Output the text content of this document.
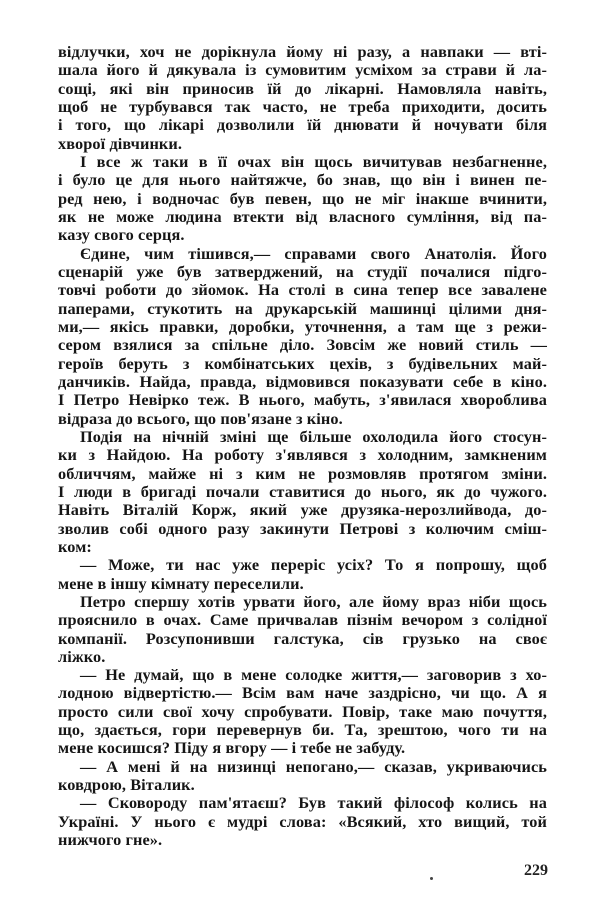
відлучки, хоч не дорікнула йому ні разу, а навпаки — вті-
шала його й дякувала із сумовитим усміхом за страви й ла-
сощі, які він приносив їй до лікарні. Намовляла навіть,
щоб не турбувався так часто, не треба приходити, досить
і того, що лікарі дозволили їй днювати й ночувати біля
хворої дівчинки.
І все ж таки в її очах він щось вичитував незбагненне,
і було це для нього найтяжче, бо знав, що він і винен пе-
ред нею, і водночас був певен, що не міг інакше вчинити,
як не може людина втекти від власного сумління, від па-
казу свого серця.
Єдине, чим тішився,— справами свого Анатолія. Його
сценарій уже був затверджений, на студії почалися підго-
товчі роботи до зйомок. На столі в сина тепер все завалене
паперами, стукотить на друкарській машинці цілими дня-
ми,— якісь правки, доробки, уточнення, а там ще з режи-
сером взялися за спільне діло. Зовсім же новий стиль —
героїв беруть з комбінатських цехів, з будівельних май-
данчиків. Найда, правда, відмовився показувати себе в кіно.
І Петро Невірко теж. В нього, мабуть, з'явилася хвороблива
відраза до всього, що пов'язане з кіно.
Подія на нічній зміні ще більше охолодила його стосун-
ки з Найдою. На роботу з'являвся з холодним, замкненим
обличчям, майже ні з ким не розмовляв протягом зміни.
І люди в бригаді почали ставитися до нього, як до чужого.
Навіть Віталій Корж, який уже друзяка-нерозлийвода, до-
зволив собі одного разу закинути Петрові з колючим сміш-
ком:
— Може, ти нас уже переріс усіх? То я попрошу, щоб
мене в іншу кімнату переселили.
Петро спершу хотів урвати його, але йому враз ніби щось
прояснило в очах. Саме причвалав пізнім вечором з солідної
компанії. Розсупонивши галстука, сів грузько на своє
ліжко.
— Не думай, що в мене солодке життя,— заговорив з хо-
лодною відвертістю.— Всім вам наче заздрісно, чи що. А я
просто сили свої хочу спробувати. Повір, таке маю почуття,
що, здається, гори перевернув би. Та, зрештою, чого ти на
мене косишся? Піду я вгору — і тебе не забуду.
— А мені й на низинці непогано,— сказав, укриваючись
ковдрою, Віталик.
— Сковороду пам'ятаєш? Був такий філософ колись на
Україні. У нього є мудрі слова: «Всякий, хто вищий, той
нижчого гне».
229
